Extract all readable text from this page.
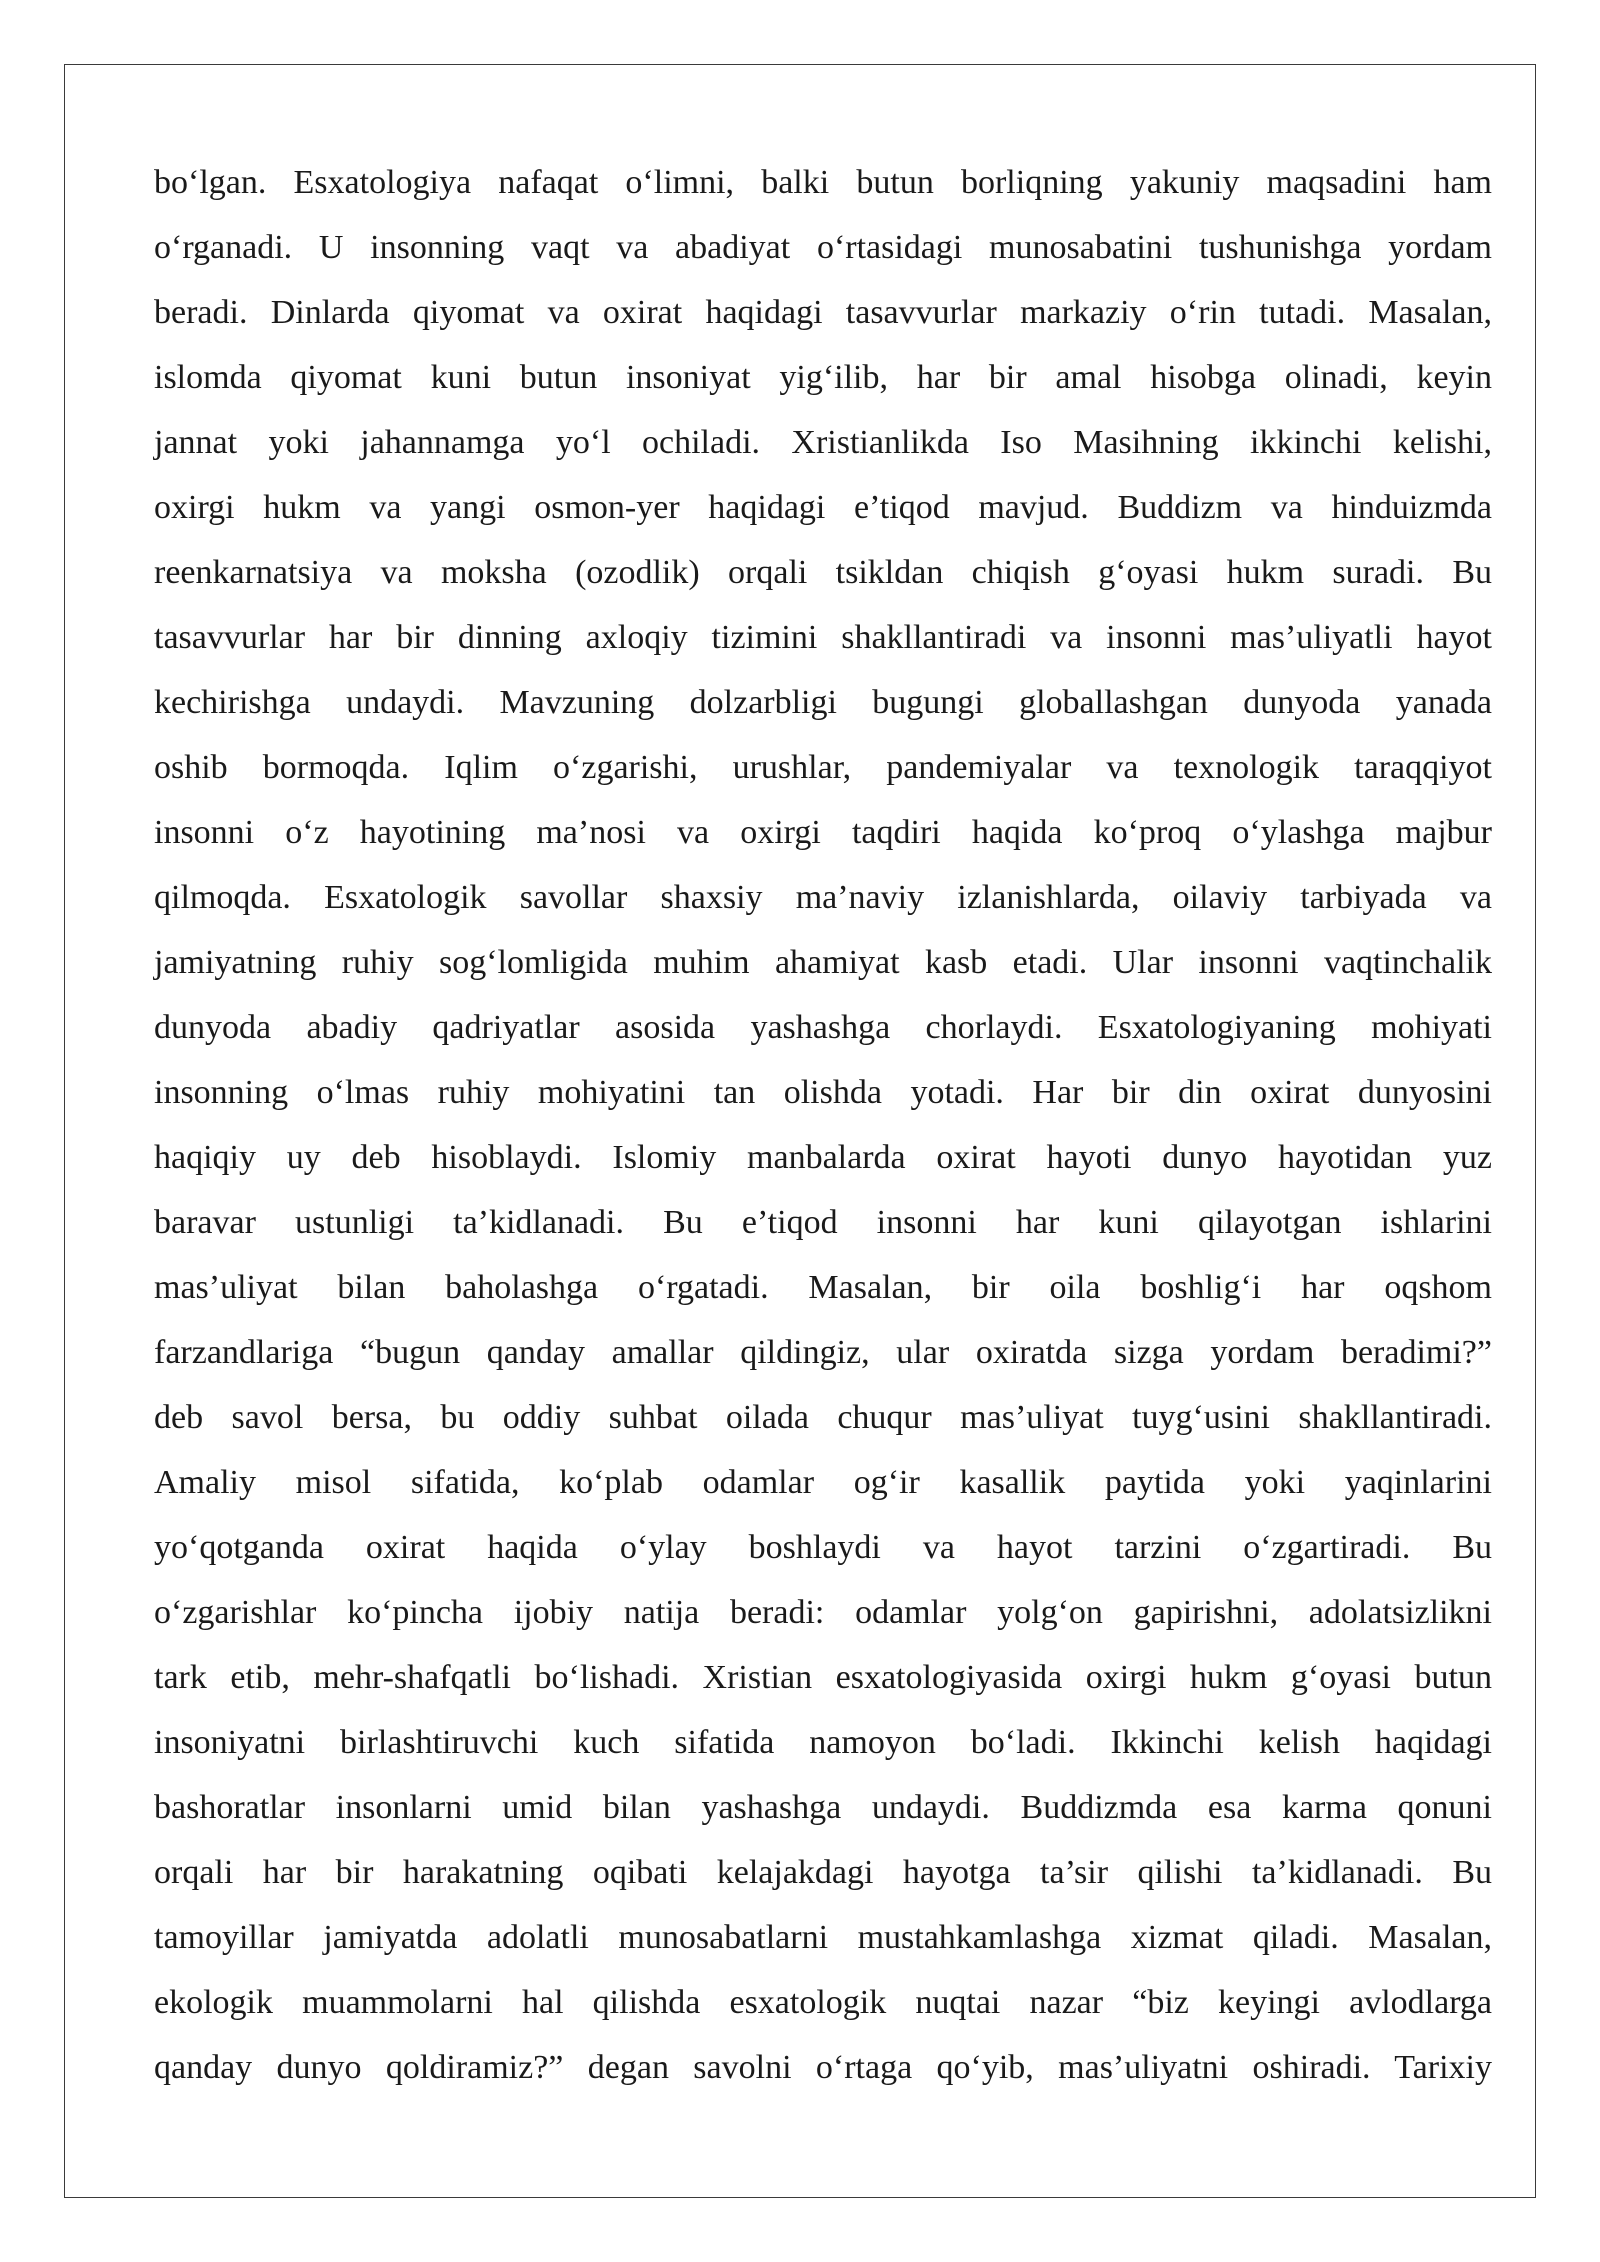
bo‘lgan. Esxatologiya nafaqat o‘limni, balki butun borliqning yakuniy maqsadini ham
o‘rganadi. U insonning vaqt va abadiyat o‘rtasidagi munosabatini tushunishga yordam
beradi. Dinlarda qiyomat va oxirat haqidagi tasavvurlar markaziy o‘rin tutadi. Masalan,
islomda qiyomat kuni butun insoniyat yig‘ilib, har bir amal hisobga olinadi, keyin
jannat yoki jahannamga yo‘l ochiladi. Xristianlikda Iso Masihning ikkinchi kelishi,
oxirgi hukm va yangi osmon-yer haqidagi e’tiqod mavjud. Buddizm va hinduizmda
reenkarnatsiya va moksha (ozodlik) orqali tsikldan chiqish g‘oyasi hukm suradi. Bu
tasavvurlar har bir dinning axloqiy tizimini shakllantiradi va insonni mas’uliyatli hayot
kechirishga undaydi. Mavzuning dolzarbligi bugungi globallashgan dunyoda yanada
oshib bormoqda. Iqlim o‘zgarishi, urushlar, pandemiyalar va texnologik taraqqiyot
insonni o‘z hayotining ma’nosi va oxirgi taqdiri haqida ko‘proq o‘ylashga majbur
qilmoqda. Esxatologik savollar shaxsiy ma’naviy izlanishlarda, oilaviy tarbiyada va
jamiyatning ruhiy sog‘lomligida muhim ahamiyat kasb etadi. Ular insonni vaqtinchalik
dunyoda abadiy qadriyatlar asosida yashashga chorlaydi. Esxatologiyaning mohiyati
insonning o‘lmas ruhiy mohiyatini tan olishda yotadi. Har bir din oxirat dunyosini
haqiqiy uy deb hisoblaydi. Islomiy manbalarda oxirat hayoti dunyo hayotidan yuz
baravar ustunligi ta’kidlanadi. Bu e’tiqod insonni har kuni qilayotgan ishlarini
mas’uliyat bilan baholashga o‘rgatadi. Masalan, bir oila boshlig‘i har oqshom
farzandlariga “bugun qanday amallar qildingiz, ular oxiratda sizga yordam beradimi?”
deb savol bersa, bu oddiy suhbat oilada chuqur mas’uliyat tuyg‘usini shakllantiradi.
Amaliy misol sifatida, ko‘plab odamlar og‘ir kasallik paytida yoki yaqinlarini
yo‘qotganda oxirat haqida o‘ylay boshlaydi va hayot tarzini o‘zgartiradi. Bu
o‘zgarishlar ko‘pincha ijobiy natija beradi: odamlar yolg‘on gapirishni, adolatsizlikni
tark etib, mehr-shafqatli bo‘lishadi. Xristian esxatologiyasida oxirgi hukm g‘oyasi butun
insoniyatni birlashtiruvchi kuch sifatida namoyon bo‘ladi. Ikkinchi kelish haqidagi
bashoratlar insonlarni umid bilan yashashga undaydi. Buddizmda esa karma qonuni
orqali har bir harakatning oqibati kelajakdagi hayotga ta’sir qilishi ta’kidlanadi. Bu
tamoyillar jamiyatda adolatli munosabatlarni mustahkamlashga xizmat qiladi. Masalan,
ekologik muammolarni hal qilishda esxatologik nuqtai nazar “biz keyingi avlodlarga
qanday dunyo qoldiramiz?” degan savolni o‘rtaga qo‘yib, mas’uliyatni oshiradi. Tarixiy
